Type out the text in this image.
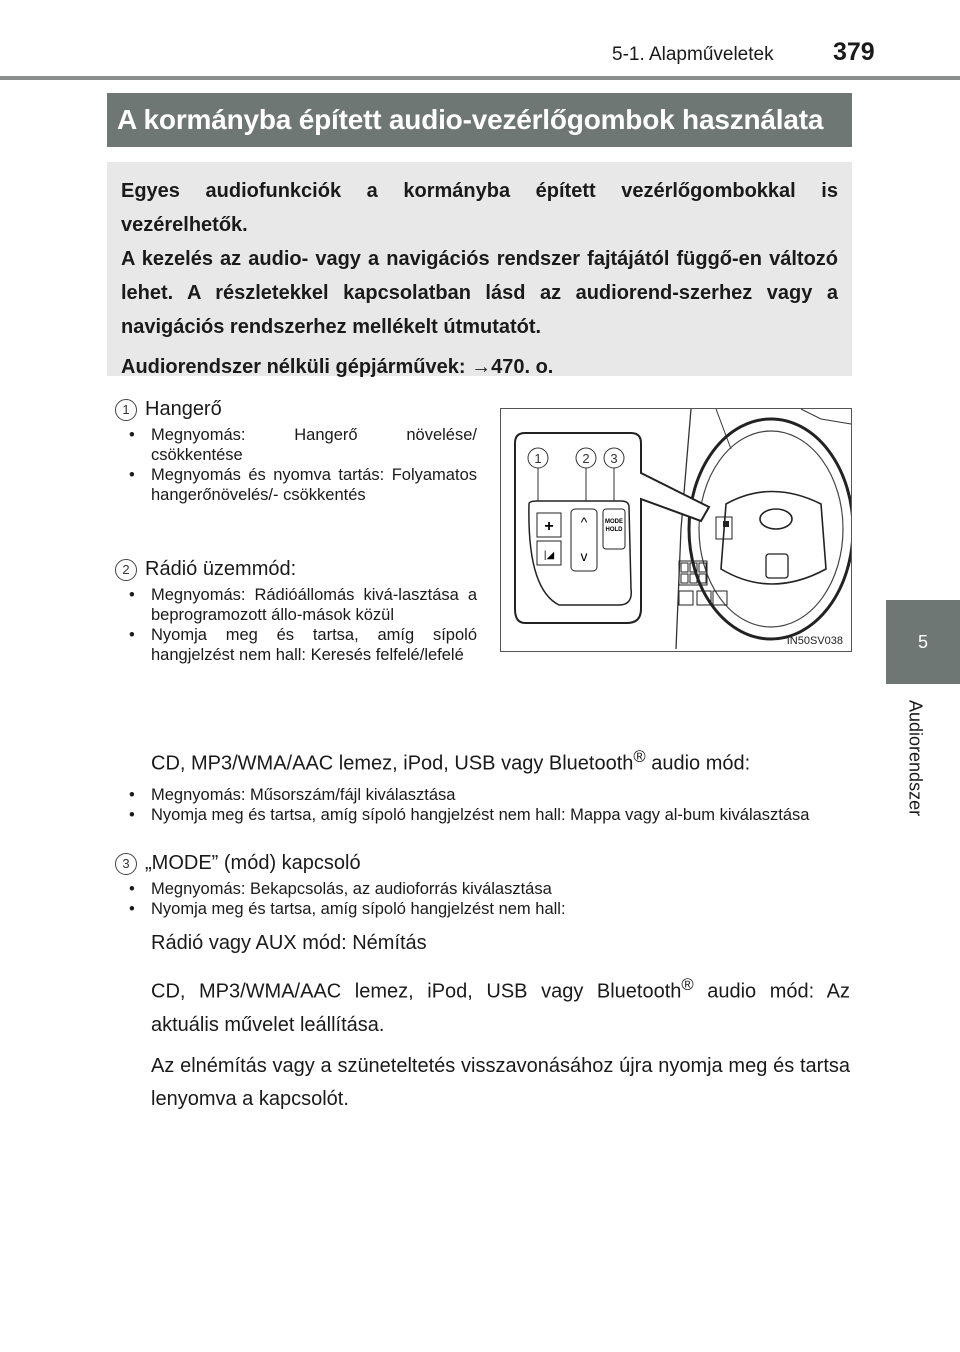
5-1. Alapműveletek 379
5
Audiorendszer
A kormányba épített audio-vezérlőgombok használata

Egyes audiofunkciók a kormányba épített vezérlőgombokkal is vezérelhetők.

A kezelés az audio- vagy a navigációs rendszer fajtájától függő-en változó lehet. A részletekkel kapcsolatban lásd az audiorend-szerhez vagy a navigációs rendszerhez mellékelt útmutatót.

Audiorendszer nélküli gépjárművek: →470. o.

1 Hangerő

• Megnyomás: Hangerő növelése/ csökkentése
• Megnyomás és nyomva tartás: Folyamatos hangerőnövelés/- csökkentés

2 Rádió üzemmód:

• Megnyomás: Rádióállomás kivá-lasztása a beprogramozott állo-mások közül
• Nyomja meg és tartsa, amíg sípoló hangjelzést nem hall: Keresés felfelé/lefelé

CD, MP3/WMA/AAC lemez, iPod, USB vagy Bluetooth® audio mód:

• Megnyomás: Műsorszám/fájl kiválasztása
• Nyomja meg és tartsa, amíg sípoló hangjelzést nem hall: Mappa vagy al-bum kiválasztása

3 „MODE” (mód) kapcsoló

• Megnyomás: Bekapcsolás, az audioforrás kiválasztása
• Nyomja meg és tartsa, amíg sípoló hangjelzést nem hall:

Rádió vagy AUX mód: Némítás

CD, MP3/WMA/AAC lemez, iPod, USB vagy Bluetooth® audio mód: Az aktuális művelet leállítása.

Az elnémítás vagy a szüneteltetés visszavonásához újra nyomja meg és tartsa lenyomva a kapcsolót.

1	2 3
+
|◢
^
v
MODE
HOLD
IN50SV038
